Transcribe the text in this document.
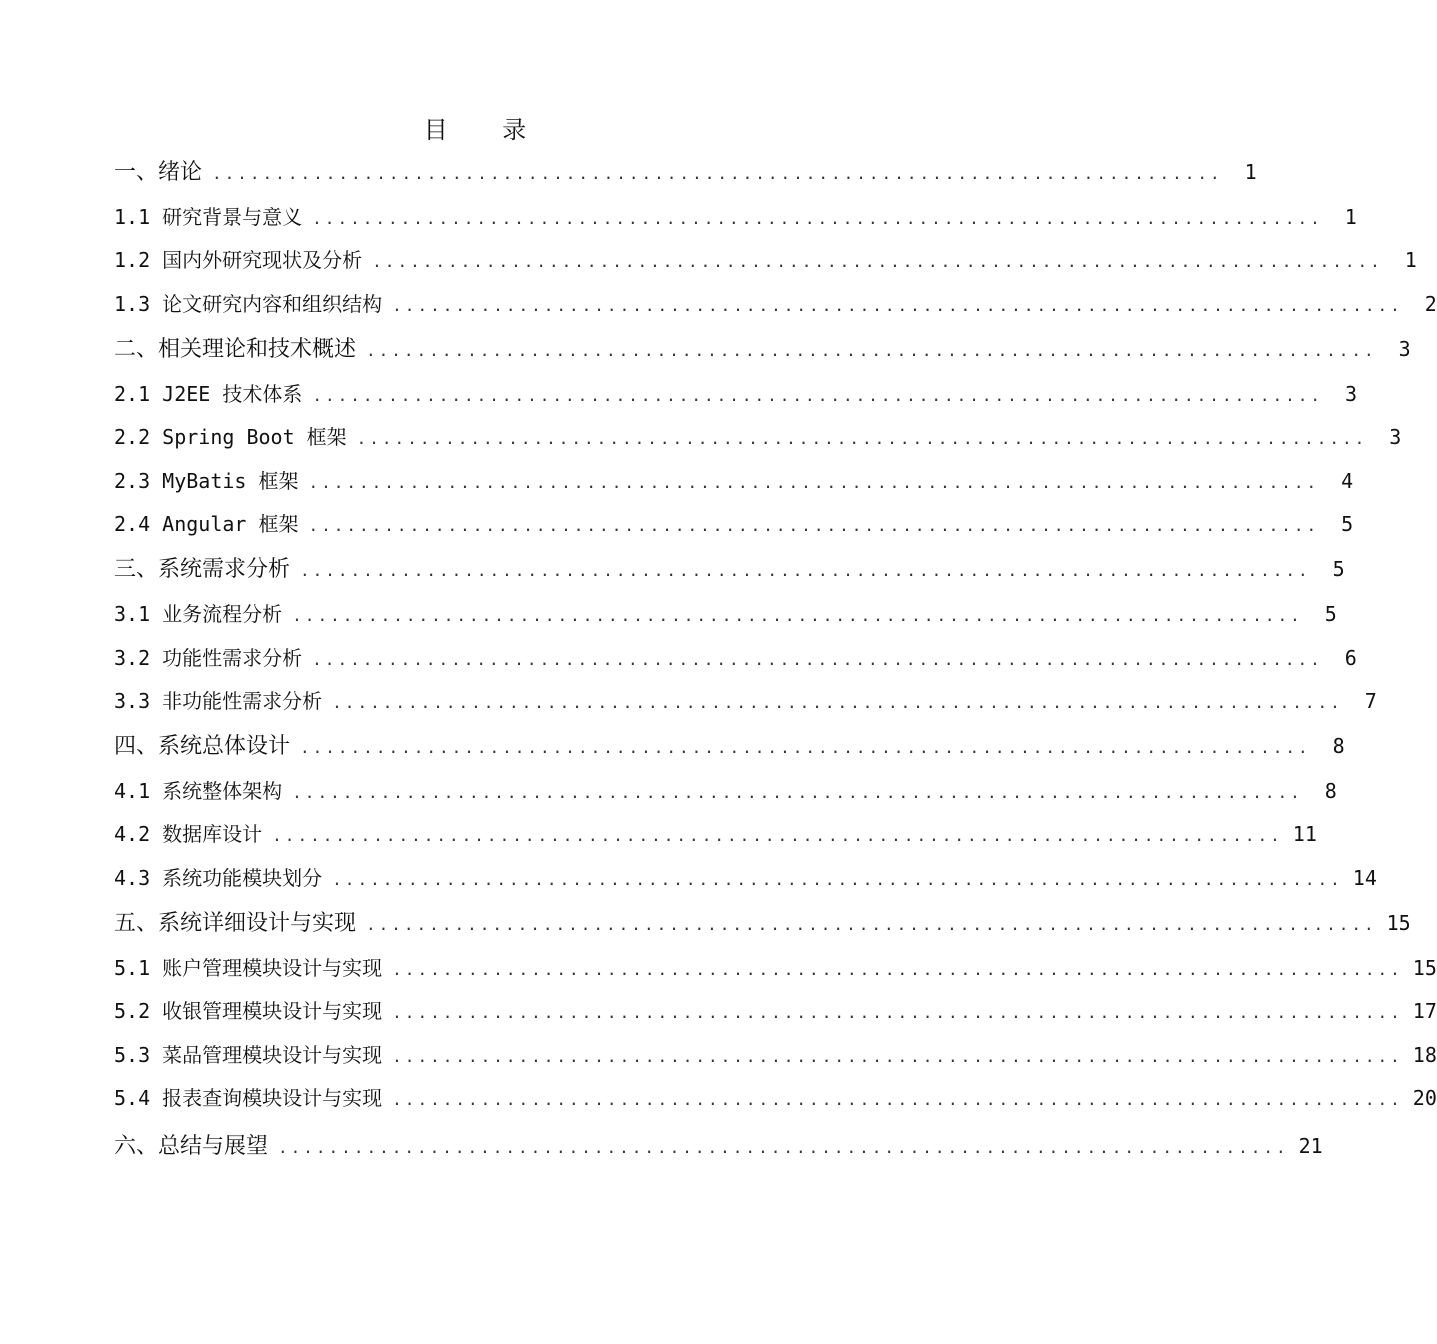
目 录
一、绪论 ................................................................................	1
1.1 研究背景与意义 ................................................................................	1
1.2 国内外研究现状及分析 ................................................................................	1
1.3 论文研究内容和组织结构 ................................................................................	2
二、相关理论和技术概述 ................................................................................	3
2.1 J2EE 技术体系 ................................................................................	3
2.2 Spring Boot 框架 ................................................................................	3
2.3 MyBatis 框架 ................................................................................	4
2.4 Angular 框架 ................................................................................	5
三、系统需求分析 ................................................................................	5
3.1 业务流程分析 ................................................................................	5
3.2 功能性需求分析 ................................................................................	6
3.3 非功能性需求分析 ................................................................................	7
四、系统总体设计 ................................................................................	8
4.1 系统整体架构 ................................................................................	8
4.2 数据库设计 ................................................................................ 11
4.3 系统功能模块划分 ................................................................................ 14
五、系统详细设计与实现 ................................................................................ 15
5.1 账户管理模块设计与实现 ................................................................................ 15
5.2 收银管理模块设计与实现 ................................................................................ 17
5.3 菜品管理模块设计与实现 ................................................................................ 18
5.4 报表查询模块设计与实现 ................................................................................ 20
六、总结与展望 ................................................................................ 21
